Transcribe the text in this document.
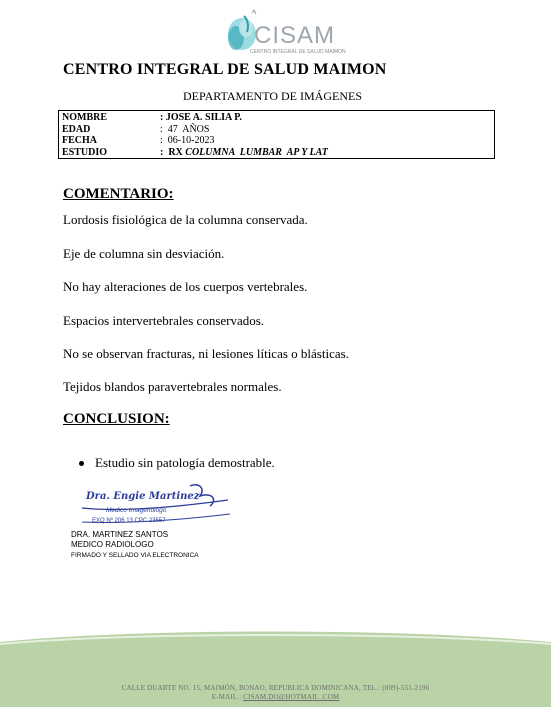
CISAM
CENTRO INTEGRAL DE SALUD MAIMON
CENTRO INTEGRAL DE SALUD MAIMON
DEPARTAMENTO DE IMÁGENES
NOMBRE	: JOSE A. SILIA P.
EDAD	:  47  AÑOS
FECHA	:  06-10-2023
ESTUDIO	:  RX COLUMNA  LUMBAR  AP Y LAT
COMENTARIO:
Lordosis fisiológica de la columna conservada.
Eje de columna sin desviación.
No hay alteraciones de los cuerpos vertebrales.
Espacios intervertebrales conservados.
No se observan fracturas, ni lesiones líticas o blásticas.
Tejidos blandos paravertebrales normales.
CONCLUSION:
Estudio sin patología demostrable.
Dra. Engie Martinez
Medico Imagenologo
EXQ Nº 206 13 CPC 23557
DRA. MARTINEZ SANTOS
MEDICO RADIOLOGO
FIRMADO Y SELLADO VIA ELECTRONICA
CALLE DUARTE NO. 15, MAIMÓN, BONAO, REPUBLICA DOMINICANA, TEL.: (809)-551-2196
E-MAIL : CISAM.DO@HOTMAIL .COM
